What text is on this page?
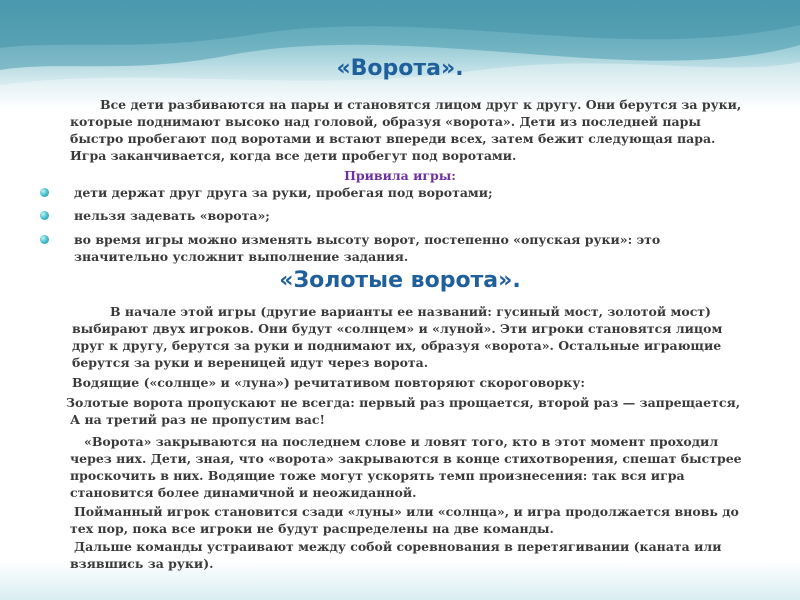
«Ворота».

Все дети разбиваются на пары и становятся лицом друг к другу. Они берутся за руки, которые поднимают высоко над головой, образуя «ворота». Дети из последней пары быстро пробегают под воротами и встают впереди всех, затем бежит следующая пара. Игра заканчивается, когда все дети пробегут под воротами.

Привила игры:

дети держат друг друга за руки, пробегая под воротами;

нельзя задевать «ворота»;

во время игры можно изменять высоту ворот, постепенно «опуская руки»: это значительно усложнит выполнение задания.

«Золотые ворота».

В начале этой игры (другие варианты ее названий: гусиный мост, золотой мост) выбирают двух игроков. Они будут «солнцем» и «луной». Эти игроки становятся лицом друг к другу, берутся за руки и поднимают их, образуя «ворота». Остальные играющие берутся за руки и вереницей идут через ворота.

Водящие («солнце» и «луна») речитативом повторяют скороговорку:

Золотые ворота пропускают не всегда: первый раз прощается, второй раз — запрещается, А на третий раз не пропустим вас!

«Ворота» закрываются на последнем слове и ловят того, кто в этот момент проходил через них. Дети, зная, что «ворота» закрываются в конце стихотворения, спешат быстрее проскочить в них. Водящие тоже могут ускорять темп произнесения: так вся игра становится более динамичной и неожиданной.

Пойманный игрок становится сзади «луны» или «солнца», и игра продолжается вновь до тех пор, пока все игроки не будут распределены на две команды.

Дальше команды устраивают между собой соревнования в перетягивании (каната или взявшись за руки).
